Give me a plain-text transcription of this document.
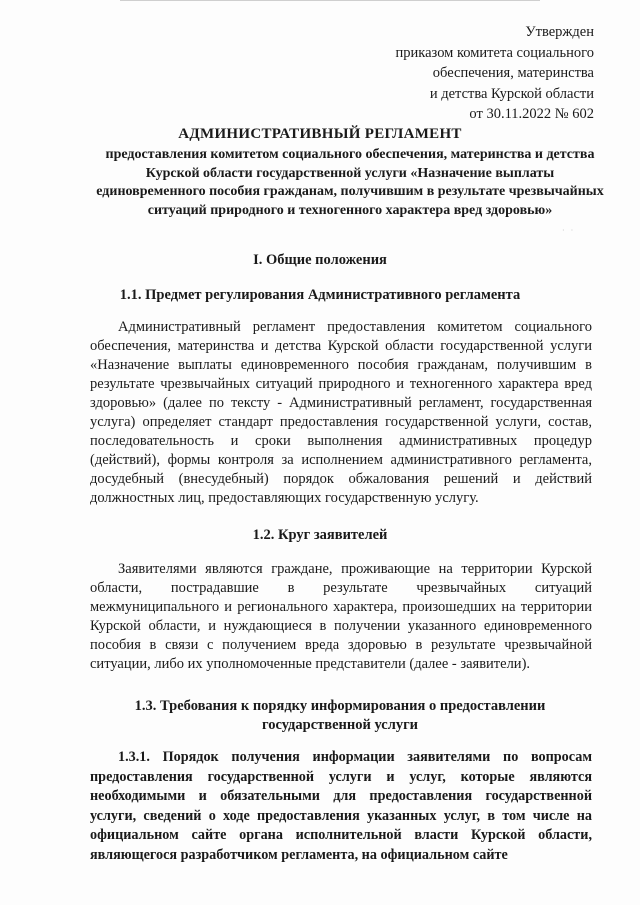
Утвержден
приказом комитета социального
обеспечения, материнства
и детства Курской области
от 30.11.2022 № 602
АДМИНИСТРАТИВНЫЙ РЕГЛАМЕНТ
предоставления комитетом социального обеспечения, материнства и детства Курской области государственной услуги «Назначение выплаты единовременного пособия гражданам, получившим в результате чрезвычайных ситуаций природного и техногенного характера вред здоровью»
· ·
I. Общие положения
1.1. Предмет регулирования Административного регламента
Административный регламент предоставления комитетом социального обеспечения, материнства и детства Курской области государственной услуги «Назначение выплаты единовременного пособия гражданам, получившим в результате чрезвычайных ситуаций природного и техногенного характера вред здоровью» (далее по тексту - Административный регламент, государственная услуга) определяет стандарт предоставления государственной услуги, состав, последовательность и сроки выполнения административных процедур (действий), формы контроля за исполнением административного регламента, досудебный (внесудебный) порядок обжалования решений и действий должностных лиц, предоставляющих государственную услугу.
1.2. Круг заявителей
Заявителями являются граждане, проживающие на территории Курской области, пострадавшие в результате чрезвычайных ситуаций межмуниципального и регионального характера, произошедших на территории Курской области, и нуждающиеся в получении указанного единовременного пособия в связи с получением вреда здоровью в результате чрезвычайной ситуации, либо их уполномоченные представители (далее - заявители).
1.3. Требования к порядку информирования о предоставлении государственной услуги
1.3.1. Порядок получения информации заявителями по вопросам предоставления государственной услуги и услуг, которые являются необходимыми и обязательными для предоставления государственной услуги, сведений о ходе предоставления указанных услуг, в том числе на официальном сайте органа исполнительной власти Курской области, являющегося разработчиком регламента, на официальном сайте
